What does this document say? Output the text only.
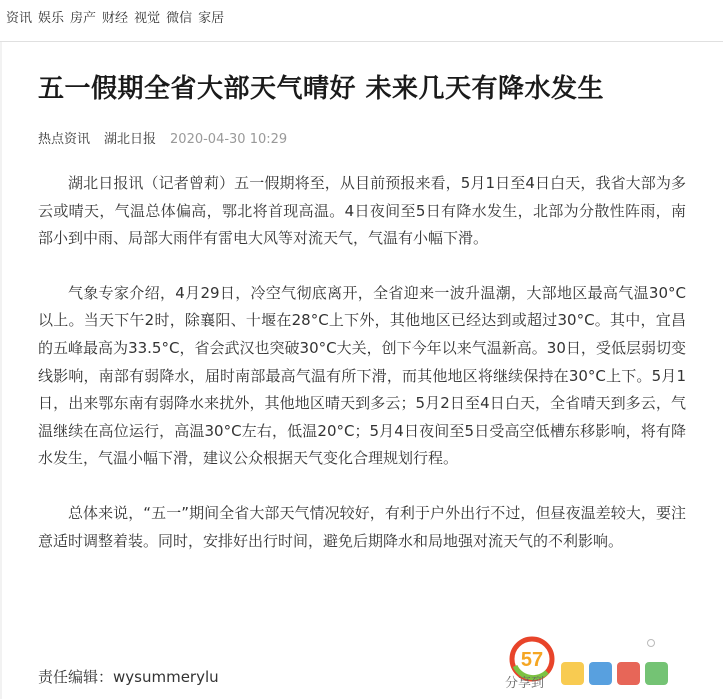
资讯 娱乐 房产 财经 视觉 微信 家居
五一假期全省大部天气晴好 未来几天有降水发生
热点资讯 湖北日报 2020-04-30 10:29

湖北日报讯（记者曾莉）五一假期将至，从目前预报来看，5月1日至4日白天，我省大部为多云或晴天，气温总体偏高，鄂北将首现高温。4日夜间至5日有降水发生，北部为分散性阵雨，南部小到中雨、局部大雨伴有雷电大风等对流天气，气温有小幅下滑。

气象专家介绍，4月29日，冷空气彻底离开，全省迎来一波升温潮，大部地区最高气温30°C以上。当天下午2时，除襄阳、十堰在28°C上下外，其他地区已经达到或超过30°C。其中，宜昌的五峰最高为33.5°C，省会武汉也突破30°C大关，创下今年以来气温新高。30日，受低层弱切变线影响，南部有弱降水，届时南部最高气温有所下滑，而其他地区将继续保持在30°C上下。5月1日，出来鄂东南有弱降水来扰外，其他地区晴天到多云；5月2日至4日白天，全省晴天到多云，气温继续在高位运行，高温30°C左右，低温20°C；5月4日夜间至5日受高空低槽东移影响，将有降水发生，气温小幅下滑，建议公众根据天气变化合理规划行程。

总体来说，“五一”期间全省大部天气情况较好，有利于户外出行不过，但昼夜温差较大，要注意适时调整着装。同时，安排好出行时间，避免后期降水和局地强对流天气的不利影响。

责任编辑：wysummerylu
57
分享到
